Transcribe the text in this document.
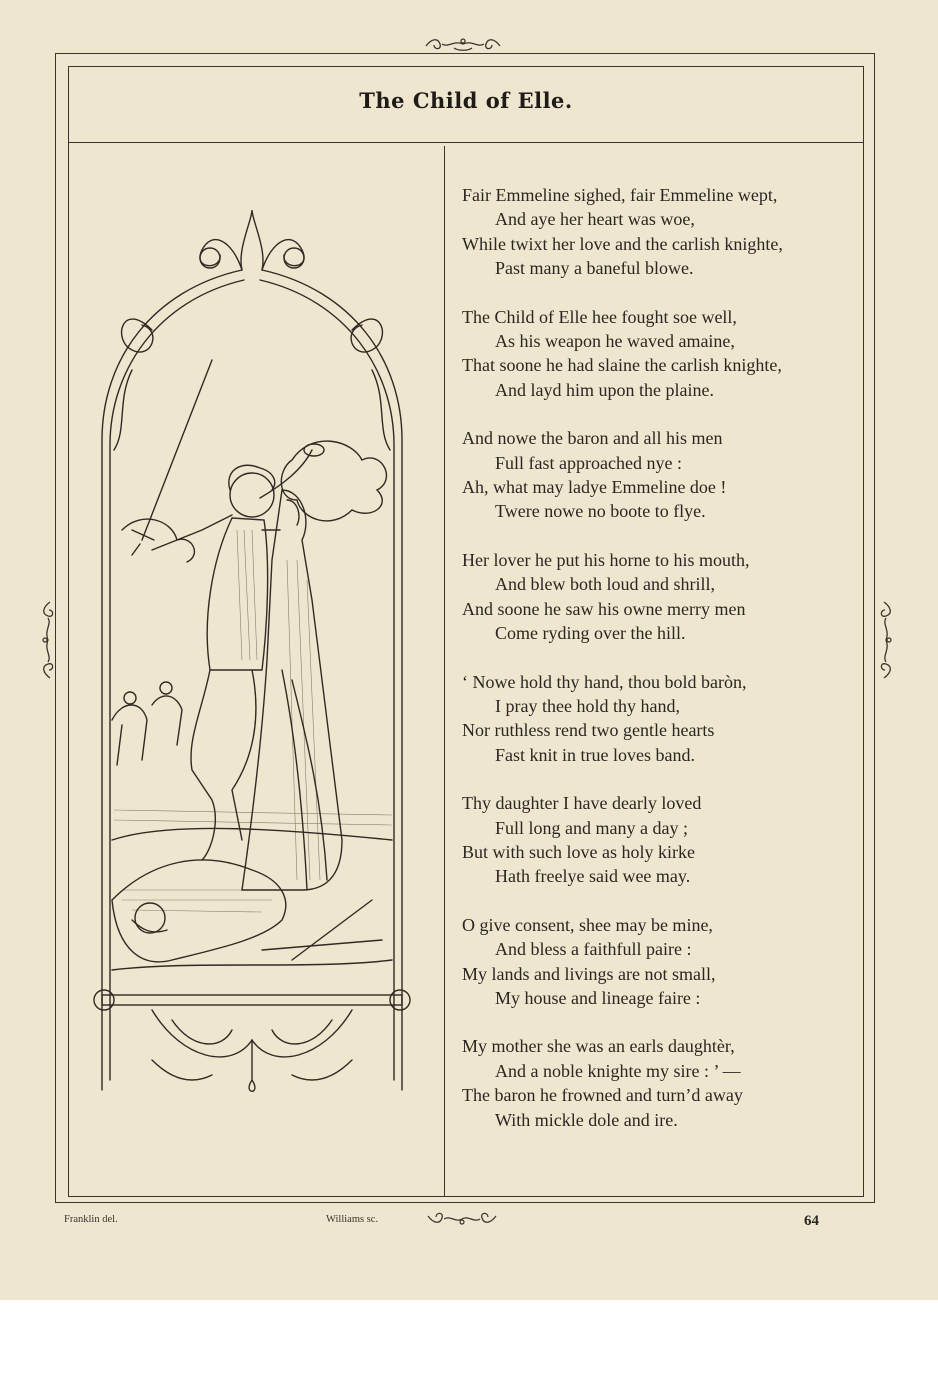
The Child of Elle.
Fair Emmeline sighed, fair Emmeline wept,
And aye her heart was woe,
While twixt her love and the carlish knighte,
Past many a baneful blowe.
The Child of Elle hee fought soe well,
As his weapon he waved amaine,
That soone he had slaine the carlish knighte,
And layd him upon the plaine.
And nowe the baron and all his men
Full fast approached nye :
Ah, what may ladye Emmeline doe !
Twere nowe no boote to flye.
Her lover he put his horne to his mouth,
And blew both loud and shrill,
And soone he saw his owne merry men
Come ryding over the hill.
‘ Nowe hold thy hand, thou bold baròn,
I pray thee hold thy hand,
Nor ruthless rend two gentle hearts
Fast knit in true loves band.
Thy daughter I have dearly loved
Full long and many a day ;
But with such love as holy kirke
Hath freelye said wee may.
O give consent, shee may be mine,
And bless a faithfull paire :
My lands and livings are not small,
My house and lineage faire :
My mother she was an earls daughtèr,
And a noble knighte my sire : ’ —
The baron he frowned and turn’d away
With mickle dole and ire.
Franklin del.	Williams sc.	64
